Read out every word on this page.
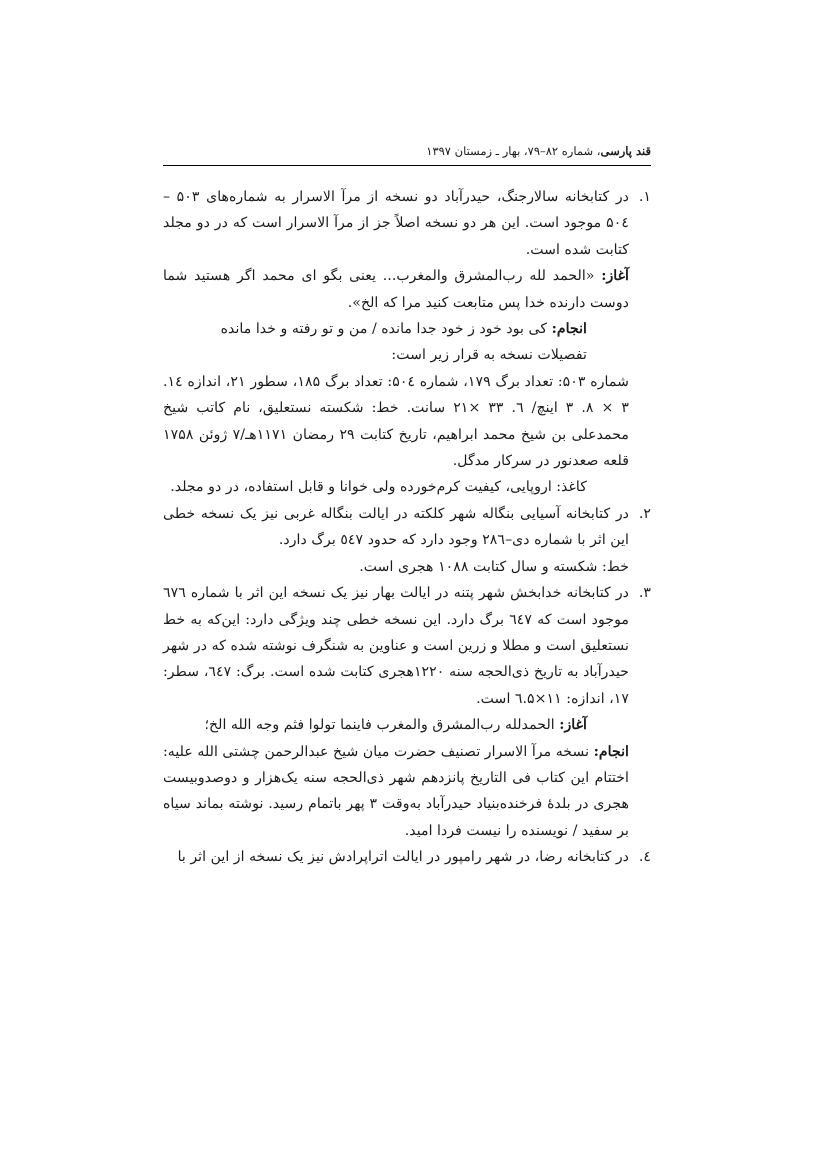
قند پارسی، شماره ۸۲–۷۹، بهار ـ زمستان ۱۳۹۷
۱.
در کتابخانه سالارجنگ، حیدرآباد دو نسخه از مرآ الاسرار به شماره‌های ۵۰۳ – ۵۰٤ موجود است. این هر دو نسخه اصلاً جز از مرآ الاسرار است که در دو مجلد کتابت شده است.

آغاز: «الحمد لله رب‌المشرق والمغرب... یعنی بگو ای محمد اگر هستید شما دوست دارنده خدا پس متابعت کنید مرا که الخ».

انجام: کی بود خود ز خود جدا مانده / من و تو رفته و خدا مانده

تفصیلات نسخه به قرار زیر است:

شماره ۵۰۳: تعداد برگ ۱۷۹، شماره ۵۰٤: تعداد برگ ۱۸۵، سطور ۲۱، اندازه ۱٤. ۳ × ۸. ۳ اینچ/ ٦. ۳۳ ×۲۱ سانت. خط: شکسته نستعلیق، نام کاتب شیخ محمدعلی بن شیخ محمد ابراهیم، تاریخ کتابت ۲۹ رمضان ۱۱۷۱هـ/۷ ژوئن ۱۷۵۸ قلعه صعدنور در سرکار مدگل.

کاغذ: اروپایی، کیفیت کرم‌خورده ولی خوانا و قابل استفاده، در دو مجلد.

۲.
در کتابخانه آسیایی بنگاله شهر کلکته در ایالت بنگاله غربی نیز یک نسخه خطی این اثر با شماره دی–۲۸٦ وجود دارد که حدود ٥٤۷ برگ دارد.

خط: شکسته و سال کتابت ۱۰۸۸ هجری است.

۳.
در کتابخانه خدابخش شهر پتنه در ایالت بهار نیز یک نسخه این اثر با شماره ٦۷٦ موجود است که ٦٤۷ برگ دارد. این نسخه خطی چند ویژگی دارد: این‌که به خط نستعلیق است و مطلا و زرین است و عناوین به شنگرف نوشته شده که در شهر حیدرآباد به تاریخ ذی‌الحجه سنه ۱۲۲۰هجری کتابت شده است. برگ: ٦٤۷، سطر: ۱۷، اندازه: ۱۱×٦.۵ است.

آغاز: الحمدلله رب‌المشرق والمغرب فاینما تولوا فثم وجه الله الخ؛

انجام: نسخه مرآ الاسرار تصنیف حضرت میان شیخ عبدالرحمن چشتی الله علیه: اختتام این کتاب فی التاریخ پانزدهم شهر ذی‌الحجه سنه یک‌هزار و دوصدوبیست هجری در بلدهٔ فرخنده‌بنیاد حیدرآباد به‌وقت ۳ پهر باتمام رسید. نوشته بماند سیاه بر سفید / نویسنده را نیست فردا امید.

٤.
در کتابخانه رضا، در شهر رامپور در ایالت اتراپرادش نیز یک نسخه از این اثر با
